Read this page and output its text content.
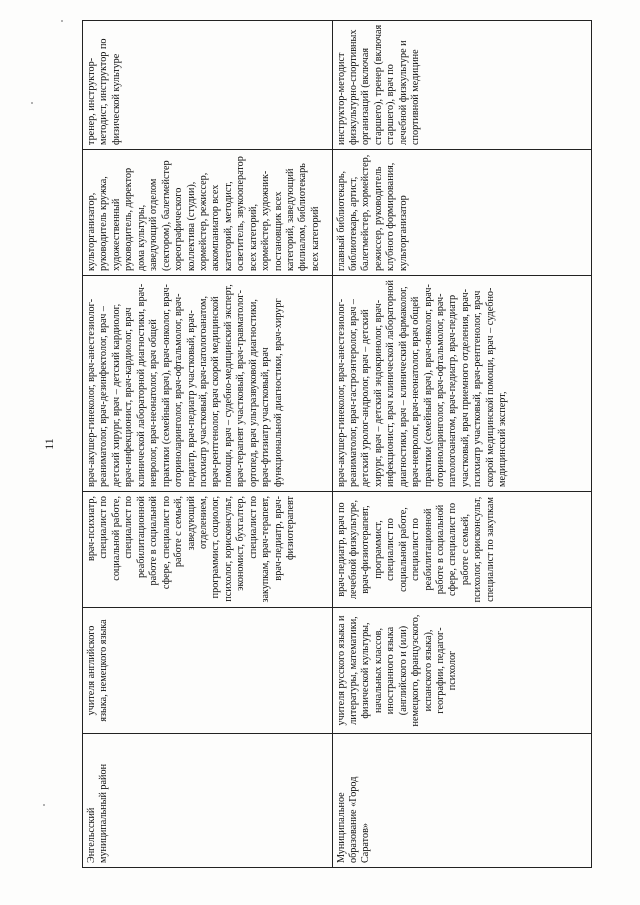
11
Энгельсский муниципальный район
учителя английского языка, немецкого языка
врач-психиатр, специалист по социальной работе, специалист по реабилитационной работе в социальной сфере, специалист по работе с семьей, заведующий отделением, программист, социолог, психолог, юрисконсульт, экономист, бухгалтер, специалист по закупкам, врач-терапевт, врач-педиатр, врач-физиотерапевт
врач-акушер-гинеколог, врач-анестезиолог-реаниматолог, врач-дезинфектолог, врач – детский хирург, врач – детский кардиолог, врач-инфекционист, врач-кардиолог, врач клинической лабораторной диагностики, врач-невролог, врач-неонатолог, врач общей практики (семейный врач), врач-онколог, врач-оториноларинголог, врач-офтальмолог, врач-педиатр, врач-педиатр участковый, врач-психиатр участковый, врач-патологоанатом, врач-рентгенолог, врач скорой медицинской помощи, врач – судебно-медицинский эксперт, врач-терапевт участковый, врач-травматолог-ортопед, врач ультразвуковой диагностики, врач-фтизиатр участковый, врач функциональной диагностики, врач-хирург
культорганизатор, руководитель кружка, художественный руководитель, директор дома культуры, заведующий отделом (сектором), балетмейстер хореографического коллектива (студии), хормейстер, режиссер, аккомпаниатор всех категорий, методист, осветитель, звукооператор всех категорий, хормейстер, художник-постановщик всех категорий, заведующий филиалом, библиотекарь всех категорий
тренер, инструктор-методист, инструктор по физической культуре
Муниципальное образование «Город Саратов»
учителя русского языка и литературы, математики, физической культуры, начальных классов, иностранного языка (английского и (или) немецкого, французского, испанского языка), географии, педагог-психолог
врач-педиатр, врач по лечебной физкультуре, врач-физиотерапевт, программист, специалист по социальной работе, специалист по реабилитационной работе в социальной сфере, специалист по работе с семьей, психолог, юрисконсульт, специалист по закупкам
врач-акушер-гинеколог, врач-анестезиолог-реаниматолог, врач-гастроэнтеролог, врач – детский уролог-андролог, врач – детский хирург, врач – детский эндокринолог, врач-инфекционист, врач клинической лабораторной диагностики, врач – клинический фармаколог, врач-невролог, врач-неонатолог, врач общей практики (семейный врач), врач-онколог, врач-оториноларинголог, врач-офтальмолог, врач-патологоанатом, врач-педиатр, врач-педиатр участковый, врач приемного отделения, врач-психиатр участковый, врач-рентгенолог, врач скорой медицинской помощи, врач – судебно-медицинский эксперт,
главный библиотекарь, библиотекарь, артист, балетмейстер, хормейстер, режиссер, руководитель клубного формирования, культорганизатор
инструктор-методист физкультурно-спортивных организаций (включая старшего), тренер (включая старшего), врач по лечебной физкультуре и спортивной медицине
